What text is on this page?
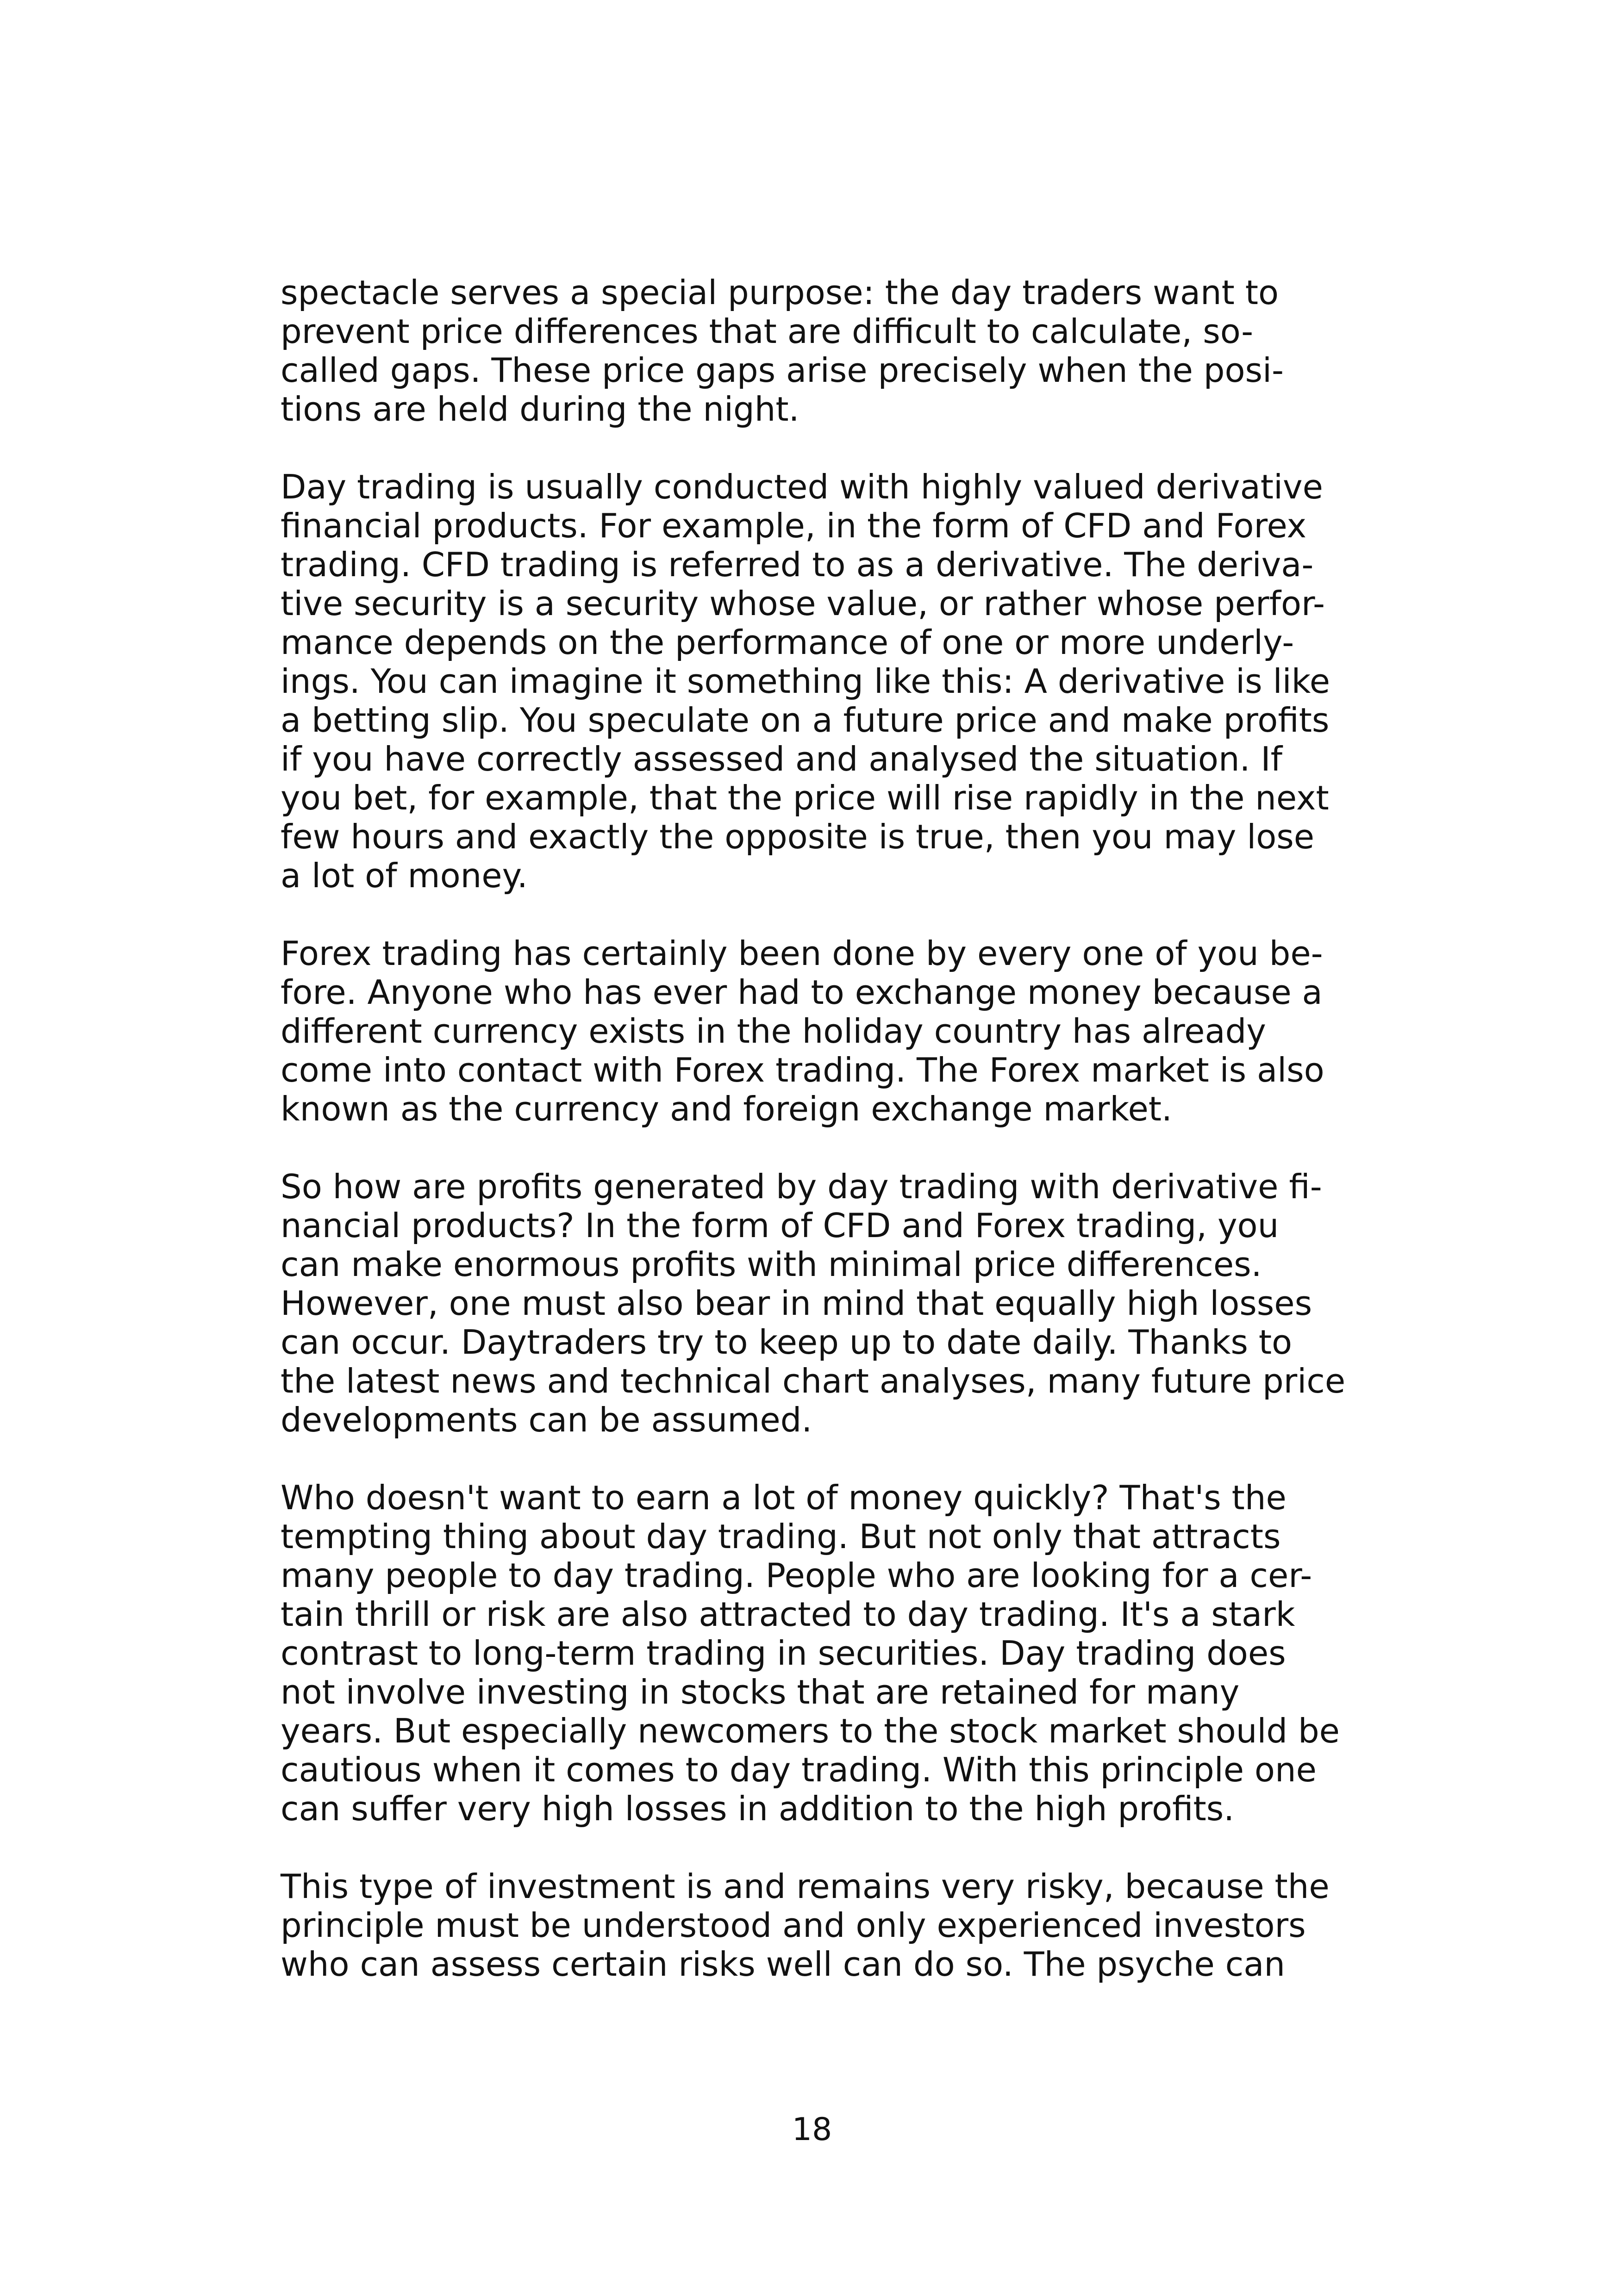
spectacle serves a special purpose: the day traders want to
prevent price differences that are difficult to calculate, so-
called gaps. These price gaps arise precisely when the posi-
tions are held during the night.

Day trading is usually conducted with highly valued derivative
financial products. For example, in the form of CFD and Forex
trading. CFD trading is referred to as a derivative. The deriva-
tive security is a security whose value, or rather whose perfor-
mance depends on the performance of one or more underly-
ings. You can imagine it something like this: A derivative is like
a betting slip. You speculate on a future price and make profits
if you have correctly assessed and analysed the situation. If
you bet, for example, that the price will rise rapidly in the next
few hours and exactly the opposite is true, then you may lose
a lot of money.

Forex trading has certainly been done by every one of you be-
fore. Anyone who has ever had to exchange money because a
different currency exists in the holiday country has already
come into contact with Forex trading. The Forex market is also
known as the currency and foreign exchange market.

So how are profits generated by day trading with derivative fi-
nancial products? In the form of CFD and Forex trading, you
can make enormous profits with minimal price differences.
However, one must also bear in mind that equally high losses
can occur. Daytraders try to keep up to date daily. Thanks to
the latest news and technical chart analyses, many future price
developments can be assumed.

Who doesn't want to earn a lot of money quickly? That's the
tempting thing about day trading. But not only that attracts
many people to day trading. People who are looking for a cer-
tain thrill or risk are also attracted to day trading. It's a stark
contrast to long-term trading in securities. Day trading does
not involve investing in stocks that are retained for many
years. But especially newcomers to the stock market should be
cautious when it comes to day trading. With this principle one
can suffer very high losses in addition to the high profits.

This type of investment is and remains very risky, because the
principle must be understood and only experienced investors
who can assess certain risks well can do so. The psyche can

18
